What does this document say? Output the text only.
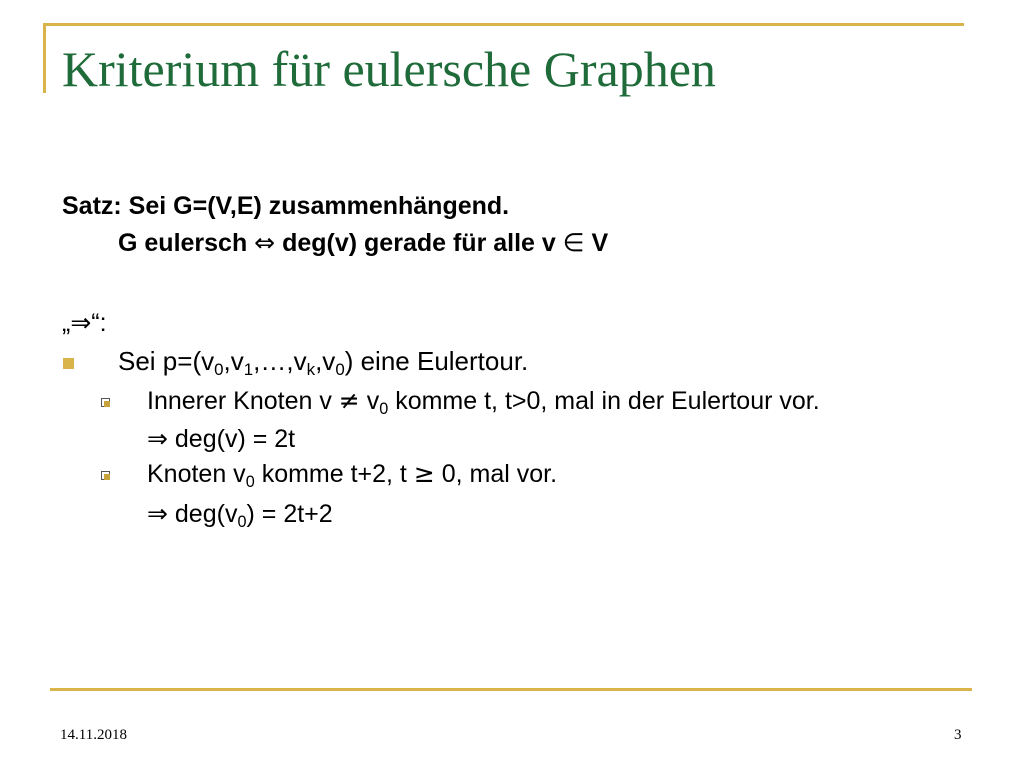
Kriterium für eulersche Graphen
Satz: Sei G=(V,E) zusammenhängend.
G eulersch ⇔ deg(v) gerade für alle v ∈ V
„⇒“:
Sei $p=(v_0,v_1,\dots,v_k,v_0)$ eine Eulertour.
Innerer Knoten $v \ne v_0$ komme t, t>0, mal in der Eulertour vor.
⇒ deg(v) = 2t
Knoten $v_0$ komme t+2, t ≥ 0, mal vor.
⇒ $deg(v_0) = 2t+2$
14.11.2018	3
